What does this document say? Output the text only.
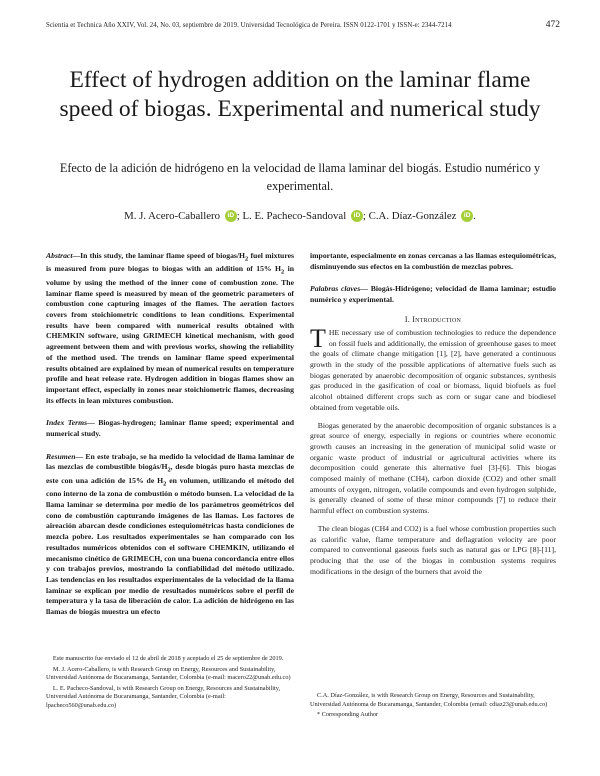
Scientia et Technica Año XXIV, Vol. 24, No. 03, septiembre de 2019. Universidad Tecnológica de Pereira. ISSN 0122-1701 y ISSN-e: 2344-7214	472
Effect of hydrogen addition on the laminar flame speed of biogas. Experimental and numerical study
Efecto de la adición de hidrógeno en la velocidad de llama laminar del biogás. Estudio numérico y experimental.
M. J. Acero-Caballero iD ; L. E. Pacheco-Sandoval iD ; C.A. Díaz-González iD .

Abstract—In this study, the laminar flame speed of biogas/$H_2$ fuel mixtures is measured from pure biogas to biogas with an addition of 15% $H_2$ in volume by using the method of the inner cone of combustion zone. The laminar flame speed is measured by mean of the geometric parameters of combustion cone capturing images of the flames. The aeration factors covers from stoichiometric conditions to lean conditions. Experimental results have been compared with numerical results obtained with CHEMKIN software, using GRIMECH kinetical mechanism, with good agreement between them and with previous works, showing the reliability of the method used. The trends on laminar flame speed experimental results obtained are explained by mean of numerical results on temperature profile and heat release rate. Hydrogen addition in biogas flames show an important effect, especially in zones near stoichiometric flames, decreasing its effects in lean mixtures combustion.

Index Terms— Biogas-hydrogen; laminar flame speed; experimental and numerical study.

Resumen— En este trabajo, se ha medido la velocidad de llama laminar de las mezclas de combustible biogás/$H_2$, desde biogás puro hasta mezclas de este con una adición de 15% de $H_2$ en volumen, utilizando el método del cono interno de la zona de combustión o método bunsen. La velocidad de la llama laminar se determina por medio de los parámetros geométricos del cono de combustión capturando imágenes de las llamas. Los factores de aireación abarcan desde condiciones estequiométricas hasta condiciones de mezcla pobre. Los resultados experimentales se han comparado con los resultados numéricos obtenidos con el software CHEMKIN, utilizando el mecanismo cinético de GRIMECH, con una buena concordancia entre ellos y con trabajos previos, mostrando la confiabilidad del método utilizado. Las tendencias en los resultados experimentales de la velocidad de la llama laminar se explican por medio de resultados numéricos sobre el perfil de temperatura y la tasa de liberación de calor. La adición de hidrógeno en las llamas de biogás muestra un efecto

importante, especialmente en zonas cercanas a las llamas estequiométricas, disminuyendo sus efectos en la combustión de mezclas pobres.

Palabras claves— Biogás-Hidrógeno; velocidad de llama laminar; estudio numérico y experimental.

I. Introduction

THE necessary use of combustion technologies to reduce the dependence on fossil fuels and additionally, the emission of greenhouse gases to meet the goals of climate change mitigation [1], [2], have generated a continuous growth in the study of the possible applications of alternative fuels such as biogas generated by anaerobic decomposition of organic substances, synthesis gas produced in the gasification of coal or biomass, liquid biofuels as fuel alcohol obtained different crops such as corn or sugar cane and biodiesel obtained from vegetable oils.

Biogas generated by the anaerobic decomposition of organic substances is a great source of energy, especially in regions or countries where economic growth causes an increasing in the generation of municipal solid waste or organic waste product of industrial or agricultural activities where its decomposition could generate this alternative fuel [3]-[6]. This biogas composed mainly of methane (CH4), carbon dioxide (CO2) and other small amounts of oxygen, nitrogen, volatile compounds and even hydrogen sulphide, is generally cleaned of some of these minor compounds [7] to reduce their harmful effect on combustion systems.

The clean biogas (CH4 and CO2) is a fuel whose combustion properties such as calorific value, flame temperature and deflagration velocity are poor compared to conventional gaseous fuels such as natural gas or LPG [8]-[11], producing that the use of the biogas in combustion systems requires modifications in the design of the burners that avoid the

Este manuscrito fue enviado el 12 de abril de 2018 y aceptado el 25 de septiembre de 2019.

M. J. Acero-Caballero, is with Research Group on Energy, Resources and Sustainability, Universidad Autónoma de Bucaramanga, Santander, Colombia (e-mail: macero22@unab.edu.co)

L. E. Pacheco-Sandoval, is with Research Group on Energy, Resources and Sustainability, Universidad Autónoma de Bucaramanga, Santander, Colombia (e-mail: lpacheco560@unab.edu.co)

C.A. Díaz-González, is with Research Group on Energy, Resources and Sustainability, Universidad Autónoma de Bucaramanga, Santander, Colombia (email: cdiaz23@unab.edu.co)

* Corresponding Author
